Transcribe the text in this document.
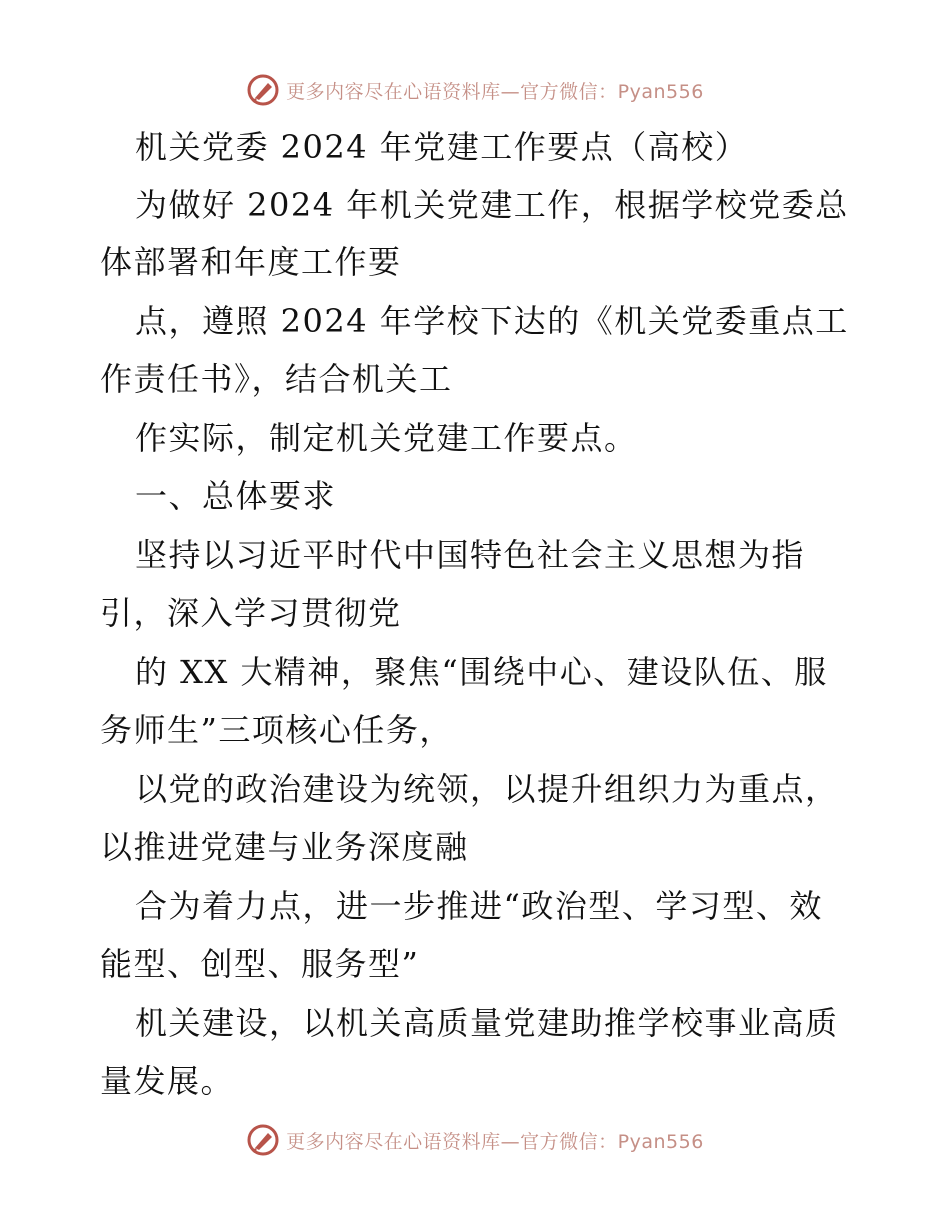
更多内容尽在心语资料库—官方微信：Pyan556
机关党委 2024 年党建工作要点（高校）
为做好 2024 年机关党建工作，根据学校党委总
体部署和年度工作要
点，遵照 2024 年学校下达的《机关党委重点工
作责任书》，结合机关工
作实际，制定机关党建工作要点。
一、总体要求
坚持以习近平时代中国特色社会主义思想为指
引，深入学习贯彻党
的 XX 大精神，聚焦“围绕中心、建设队伍、服
务师生”三项核心任务，
以党的政治建设为统领，以提升组织力为重点，
以推进党建与业务深度融
合为着力点，进一步推进“政治型、学习型、效
能型、创型、服务型”
机关建设，以机关高质量党建助推学校事业高质
量发展。
更多内容尽在心语资料库—官方微信：Pyan556
